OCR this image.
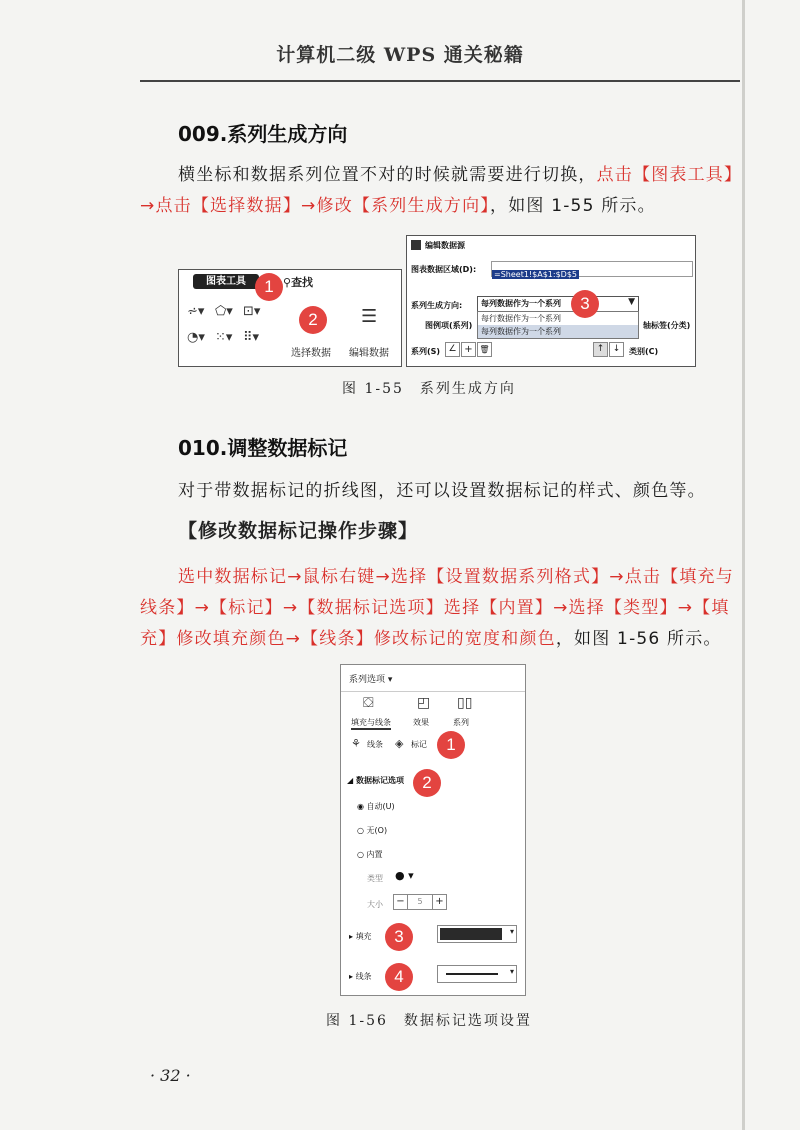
计算机二级 WPS 通关秘籍
009.系列生成方向
横坐标和数据系列位置不对的时候就需要进行切换，点击【图表工具】→点击【选择数据】→修改【系列生成方向】，如图 1-55 所示。
图表工具	⚲查找
⩫▾ ⬠▾ ⊡▾
◔▾ ⁙▾ ⠿▾
选择数据
☰
编辑数据
1
2
编辑数据源
图表数据区域(D):
=Sheet1!$A$1:$D$5
系列生成方向: 每列数据作为一个系列	▼
每行数据作为一个系列
每列数据作为一个系列
图例项(系列)	轴标签(分类)
系列(S) ∠ + 🗑	↑ ↓	类别(C)
3
图 1-55　系列生成方向
010.调整数据标记
对于带数据标记的折线图，还可以设置数据标记的样式、颜色等。
【修改数据标记操作步骤】
选中数据标记→鼠标右键→选择【设置数据系列格式】→点击【填充与线条】→【标记】→【数据标记选项】选择【内置】→选择【类型】→【填充】修改填充颜色→【线条】修改标记的宽度和颜色，如图 1-56 所示。
系列选项 ▾
⛋	◰ ▯▯
填充与线条	效果	系列
⚘ 线条 ◈ 标记
◢ 数据标记选项
◉ 自动(U)
○ 无(O)
○ 内置
类型 ● ▾
大小	−	5	+
▸ 填充
▾
▸ 线条
▾
1
2
3
4
图 1-56　数据标记选项设置
· 32 ·
